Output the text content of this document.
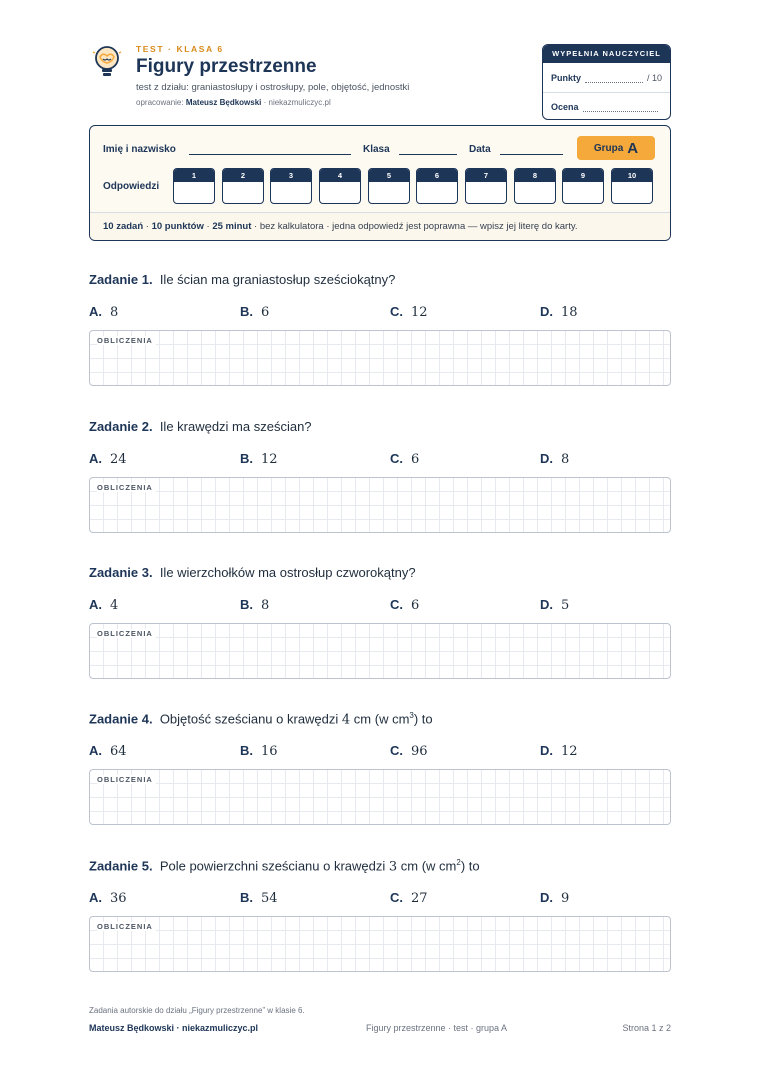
TEST · KLASA 6
Figury przestrzenne
test z działu: graniastosłupy i ostrosłupy, pole, objętość, jednostki
opracowanie: Mateusz Będkowski · niekazmuliczyc.pl
WYPEŁNIA NAUCZYCIEL
Punkty	/ 10
Ocena
Imię i nazwisko	Klasa	Data	Grupa A
Odpowiedzi
1	2	3	4	5	6	7	8	9	10
10 zadań · 10 punktów · 25 minut · bez kalkulatora · jedna odpowiedź jest poprawna — wpisz jej literę do karty.
Zadanie 1. Ile ścian ma graniastosłup sześciokątny?
A. 8	B. 6	C. 12	D. 18
OBLICZENIA
Zadanie 2. Ile krawędzi ma sześcian?
A. 24	B. 12	C. 6	D. 8
OBLICZENIA
Zadanie 3. Ile wierzchołków ma ostrosłup czworokątny?
A. 4	B. 8	C. 6	D. 5
OBLICZENIA
Zadanie 4. Objętość sześcianu o krawędzi 4 cm (w $cm^3$) to
A. 64	B. 16	C. 96	D. 12
OBLICZENIA
Zadanie 5. Pole powierzchni sześcianu o krawędzi 3 cm (w $cm^2$) to
A. 36	B. 54	C. 27	D. 9
OBLICZENIA
Zadania autorskie do działu „Figury przestrzenne” w klasie 6.
Mateusz Będkowski · niekazmuliczyc.pl	Figury przestrzenne · test · grupa A	Strona 1 z 2
